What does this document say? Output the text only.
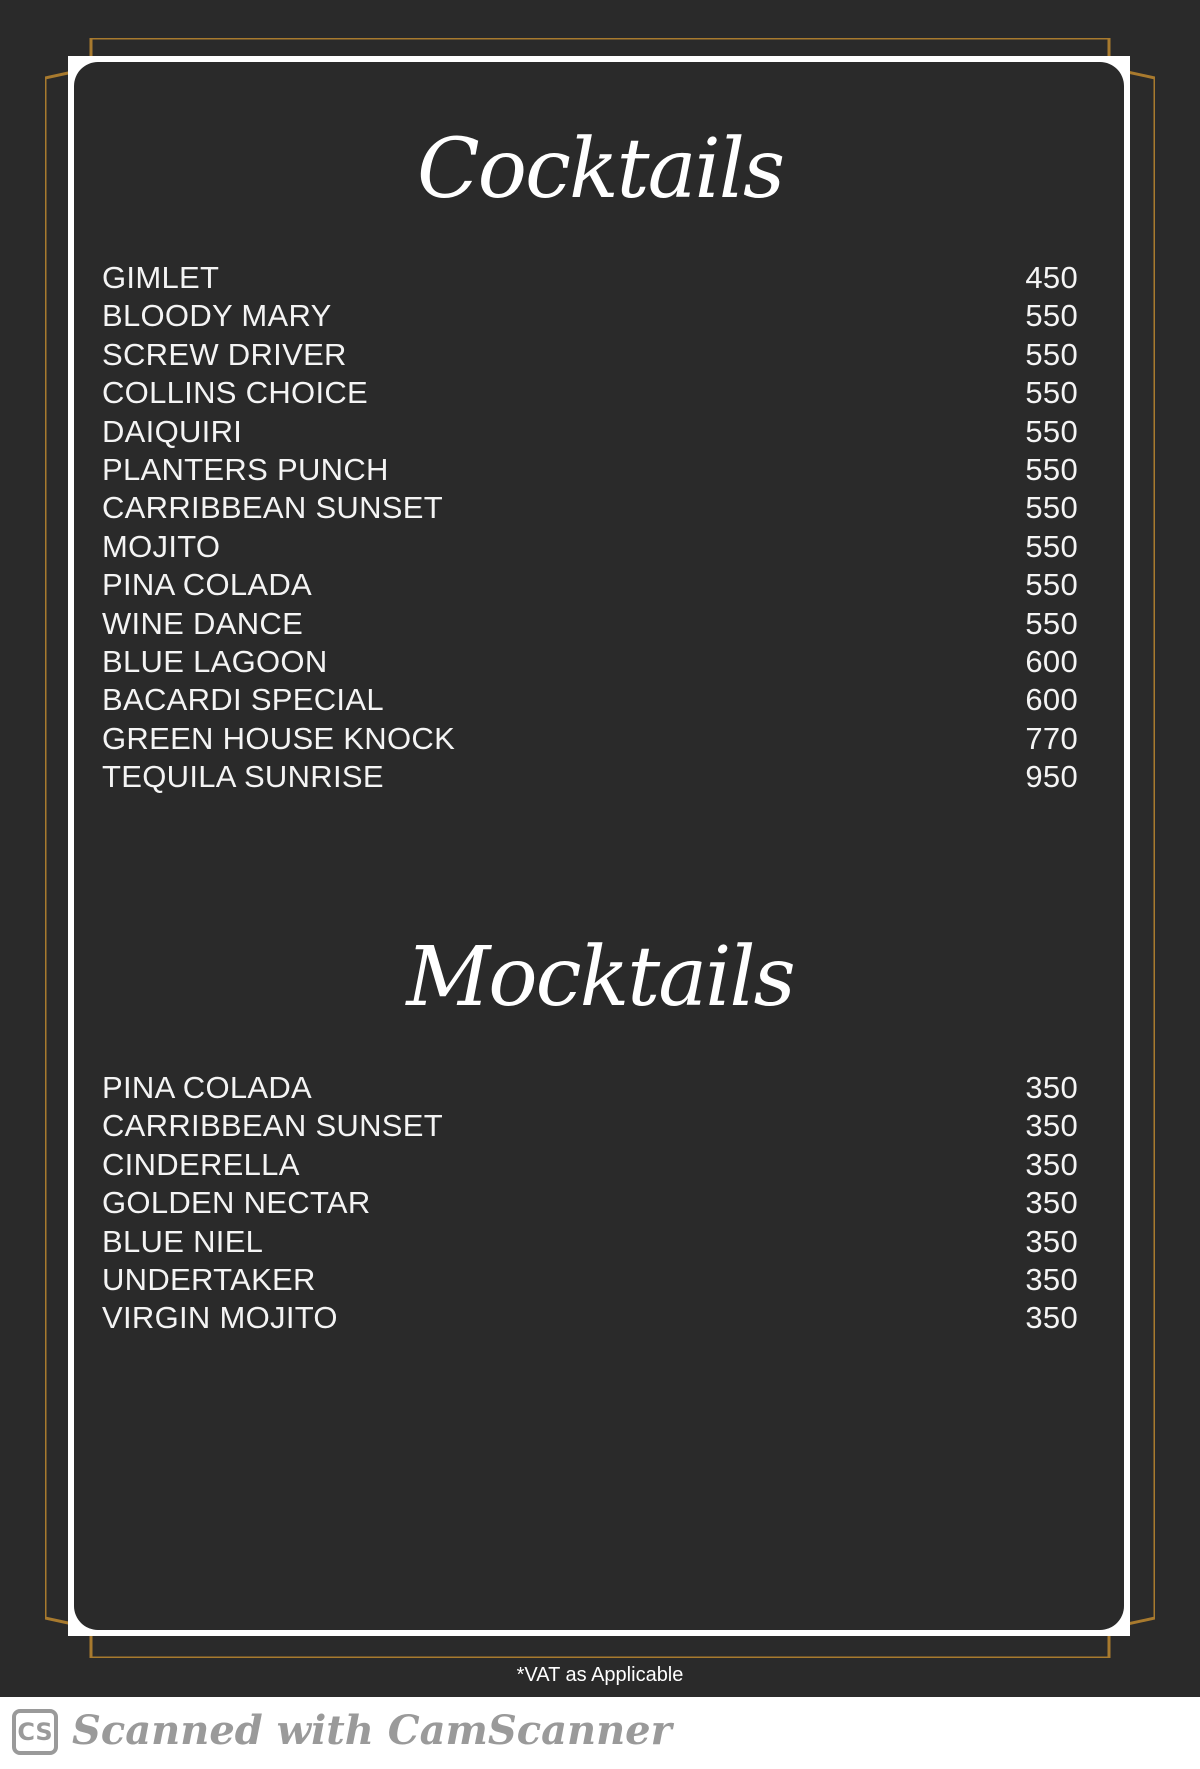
Cocktails
GIMLET	450
BLOODY MARY	550
SCREW DRIVER	550
COLLINS CHOICE	550
DAIQUIRI	550
PLANTERS PUNCH	550
CARRIBBEAN SUNSET	550
MOJITO	550
PINA COLADA	550
WINE DANCE	550
BLUE LAGOON	600
BACARDI SPECIAL	600
GREEN HOUSE KNOCK	770
TEQUILA SUNRISE	950
Mocktails
PINA COLADA	350
CARRIBBEAN SUNSET	350
CINDERELLA	350
GOLDEN NECTAR	350
BLUE NIEL	350
UNDERTAKER	350
VIRGIN MOJITO	350
*VAT as Applicable
CS Scanned with CamScanner
